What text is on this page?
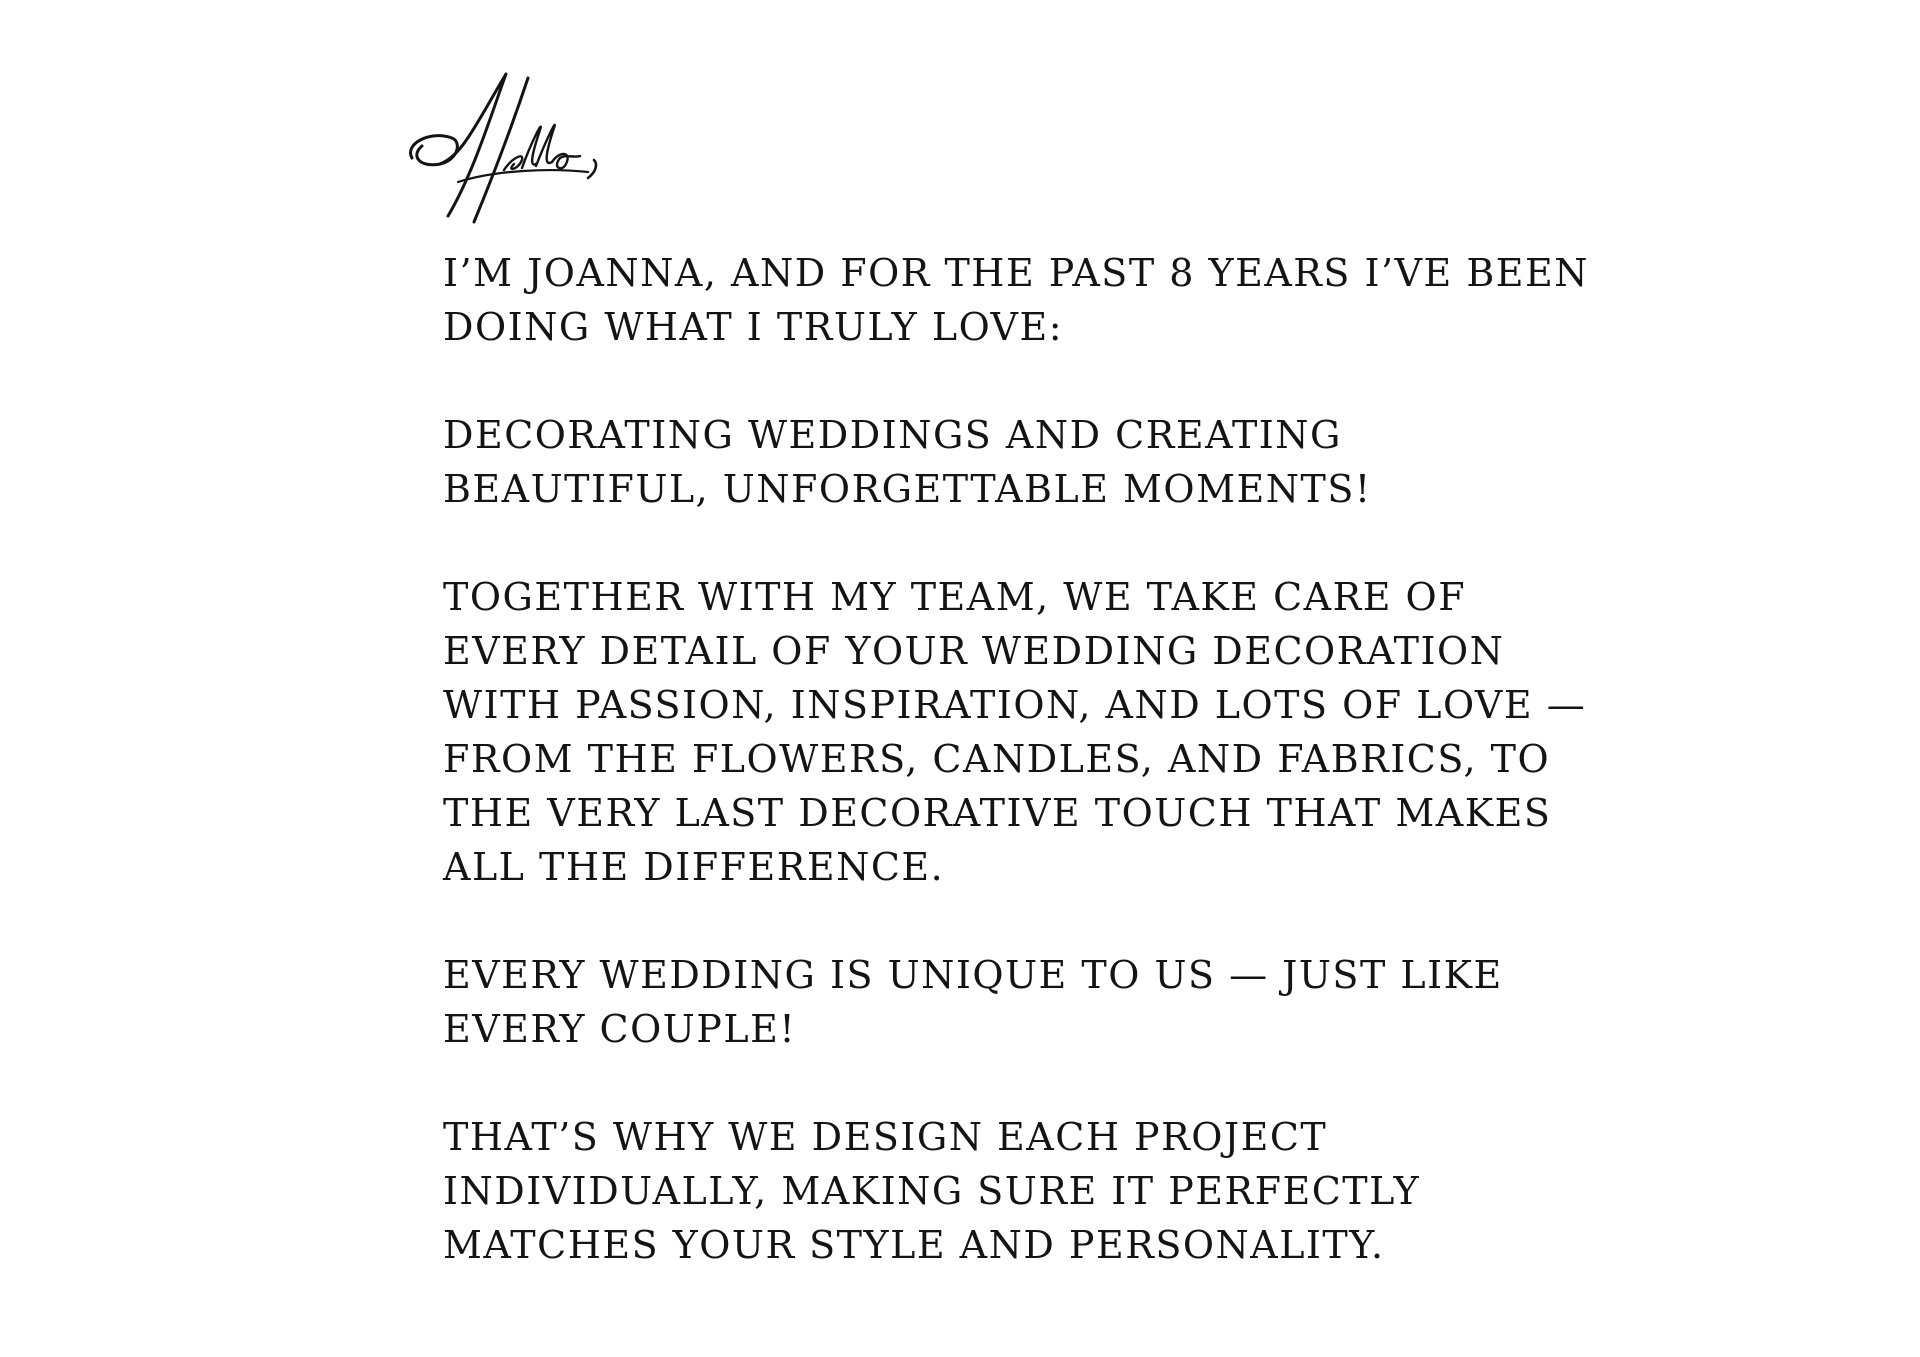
I’M JOANNA, AND FOR THE PAST 8 YEARS I’VE BEEN
DOING WHAT I TRULY LOVE:

DECORATING WEDDINGS AND CREATING
BEAUTIFUL, UNFORGETTABLE MOMENTS!

TOGETHER WITH MY TEAM, WE TAKE CARE OF
EVERY DETAIL OF YOUR WEDDING DECORATION
WITH PASSION, INSPIRATION, AND LOTS OF LOVE —
FROM THE FLOWERS, CANDLES, AND FABRICS, TO
THE VERY LAST DECORATIVE TOUCH THAT MAKES
ALL THE DIFFERENCE.

EVERY WEDDING IS UNIQUE TO US — JUST LIKE
EVERY COUPLE!

THAT’S WHY WE DESIGN EACH PROJECT
INDIVIDUALLY, MAKING SURE IT PERFECTLY
MATCHES YOUR STYLE AND PERSONALITY.
